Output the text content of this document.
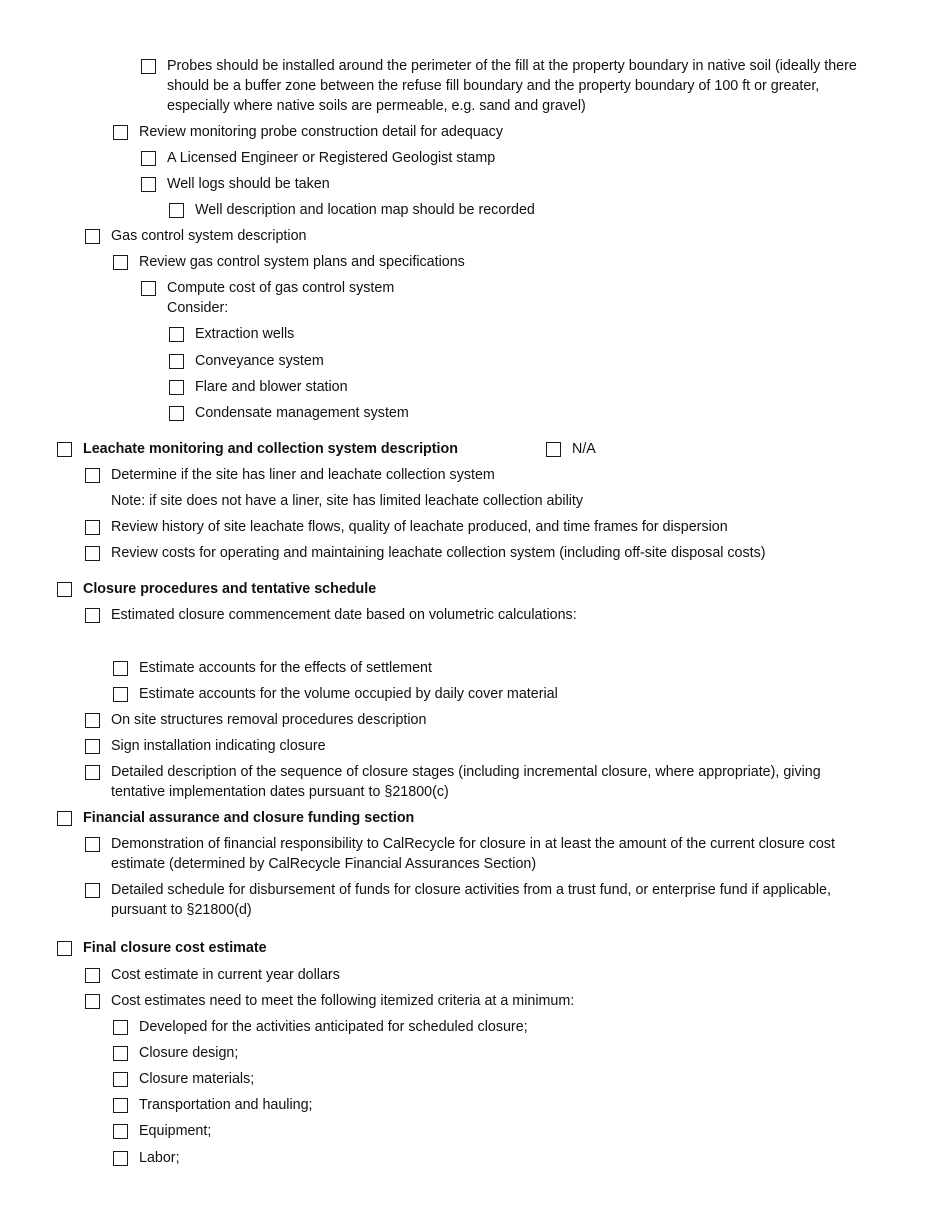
Probes should be installed around the perimeter of the fill at the property boundary in native soil (ideally there should be a buffer zone between the refuse fill boundary and the property boundary of 100 ft or greater, especially where native soils are permeable, e.g. sand and gravel)
Review monitoring probe construction detail for adequacy
A Licensed Engineer or Registered Geologist stamp
Well logs should be taken
Well description and location map should be recorded
Gas control system description
Review gas control system plans and specifications
Compute cost of gas control system
Consider:
Extraction wells
Conveyance system
Flare and blower station
Condensate management system
Leachate monitoring and collection system description	N/A
Determine if the site has liner and leachate collection system
Note: if site does not have a liner, site has limited leachate collection ability
Review history of site leachate flows, quality of leachate produced, and time frames for dispersion
Review costs for operating and maintaining leachate collection system (including off-site disposal costs)
Closure procedures and tentative schedule
Estimated closure commencement date based on volumetric calculations:
Estimate accounts for the effects of settlement
Estimate accounts for the volume occupied by daily cover material
On site structures removal procedures description
Sign installation indicating closure
Detailed description of the sequence of closure stages (including incremental closure, where appropriate), giving tentative implementation dates pursuant to §21800(c)
Financial assurance and closure funding section
Demonstration of financial responsibility to CalRecycle for closure in at least the amount of the current closure cost estimate (determined by CalRecycle Financial Assurances Section)
Detailed schedule for disbursement of funds for closure activities from a trust fund, or enterprise fund if applicable, pursuant to §21800(d)
Final closure cost estimate
Cost estimate in current year dollars
Cost estimates need to meet the following itemized criteria at a minimum:
Developed for the activities anticipated for scheduled closure;
Closure design;
Closure materials;
Transportation and hauling;
Equipment;
Labor;
